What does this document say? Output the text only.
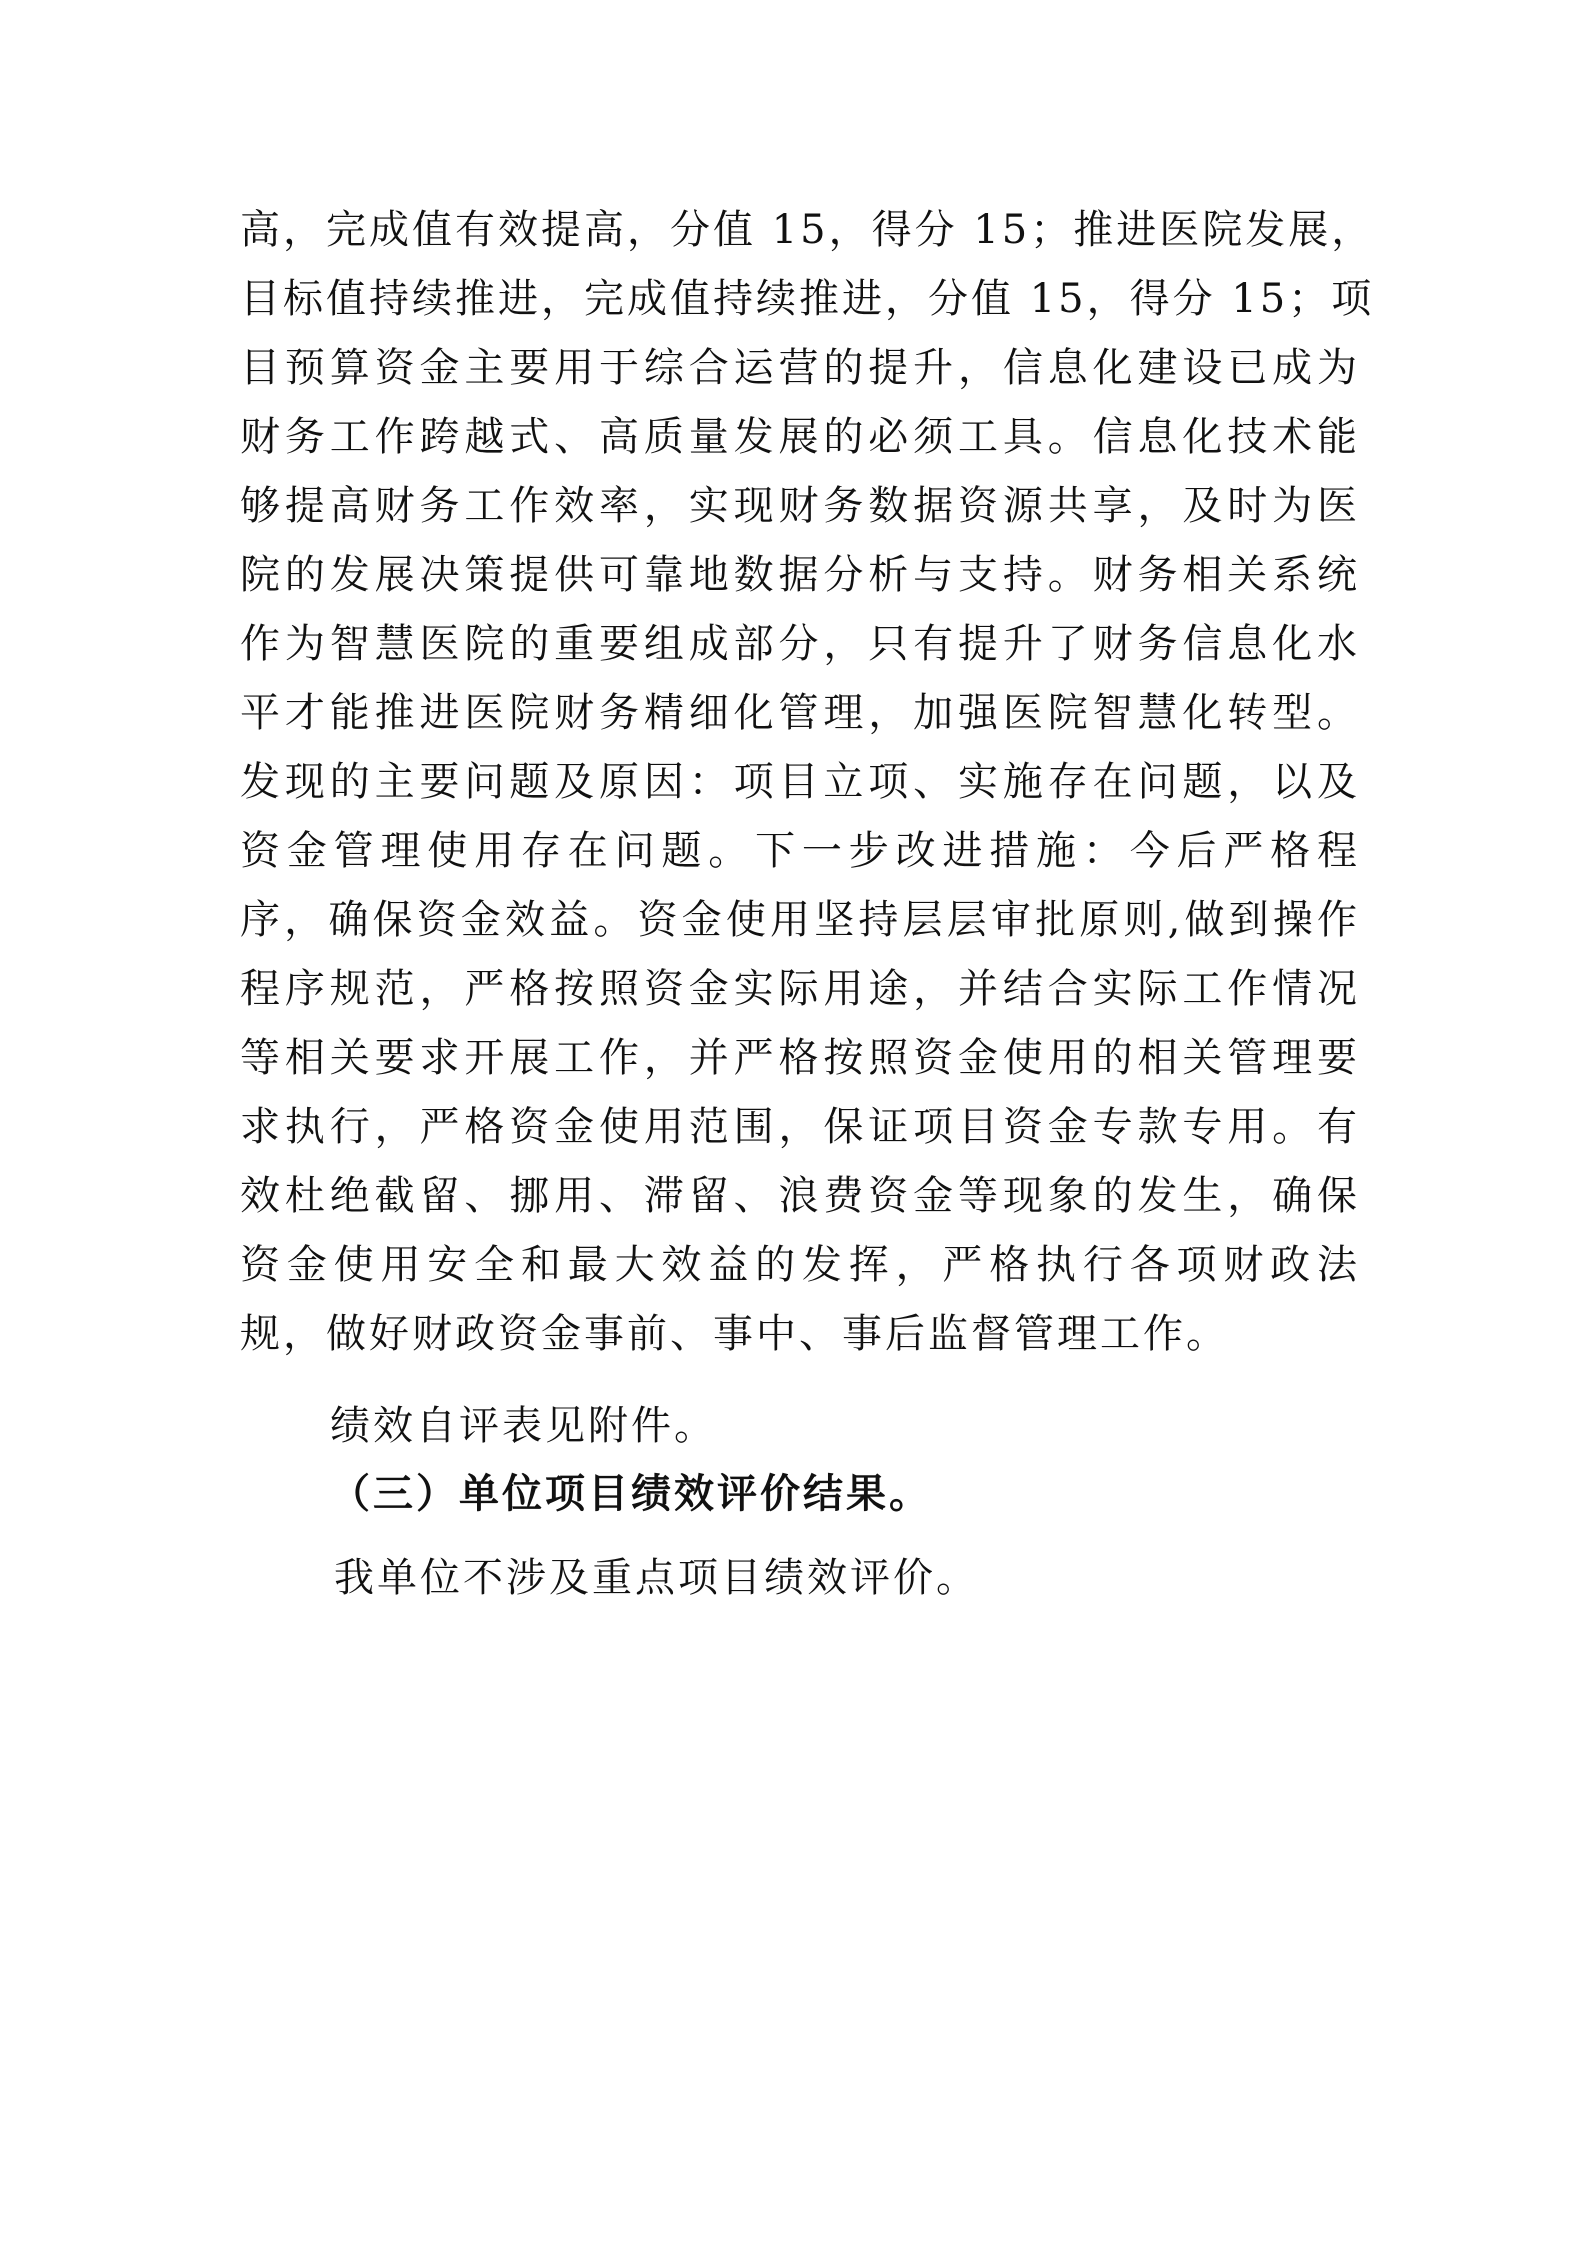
高，完成值有效提高，分值 15，得分 15；推进医院发展，
目标值持续推进，完成值持续推进，分值 15，得分 15；项
目预算资金主要用于综合运营的提升，信息化建设已成为
财务工作跨越式、高质量发展的必须工具。信息化技术能
够提高财务工作效率，实现财务数据资源共享，及时为医
院的发展决策提供可靠地数据分析与支持。财务相关系统
作为智慧医院的重要组成部分，只有提升了财务信息化水
平才能推进医院财务精细化管理，加强医院智慧化转型。
发现的主要问题及原因：项目立项、实施存在问题，以及
资金管理使用存在问题。下一步改进措施：今后严格程
序，确保资金效益。资金使用坚持层层审批原则,做到操作
程序规范，严格按照资金实际用途，并结合实际工作情况
等相关要求开展工作，并严格按照资金使用的相关管理要
求执行，严格资金使用范围，保证项目资金专款专用。有
效杜绝截留、挪用、滞留、浪费资金等现象的发生，确保
资金使用安全和最大效益的发挥，严格执行各项财政法
规，做好财政资金事前、事中、事后监督管理工作。
绩效自评表见附件。
（三）单位项目绩效评价结果。
我单位不涉及重点项目绩效评价。
